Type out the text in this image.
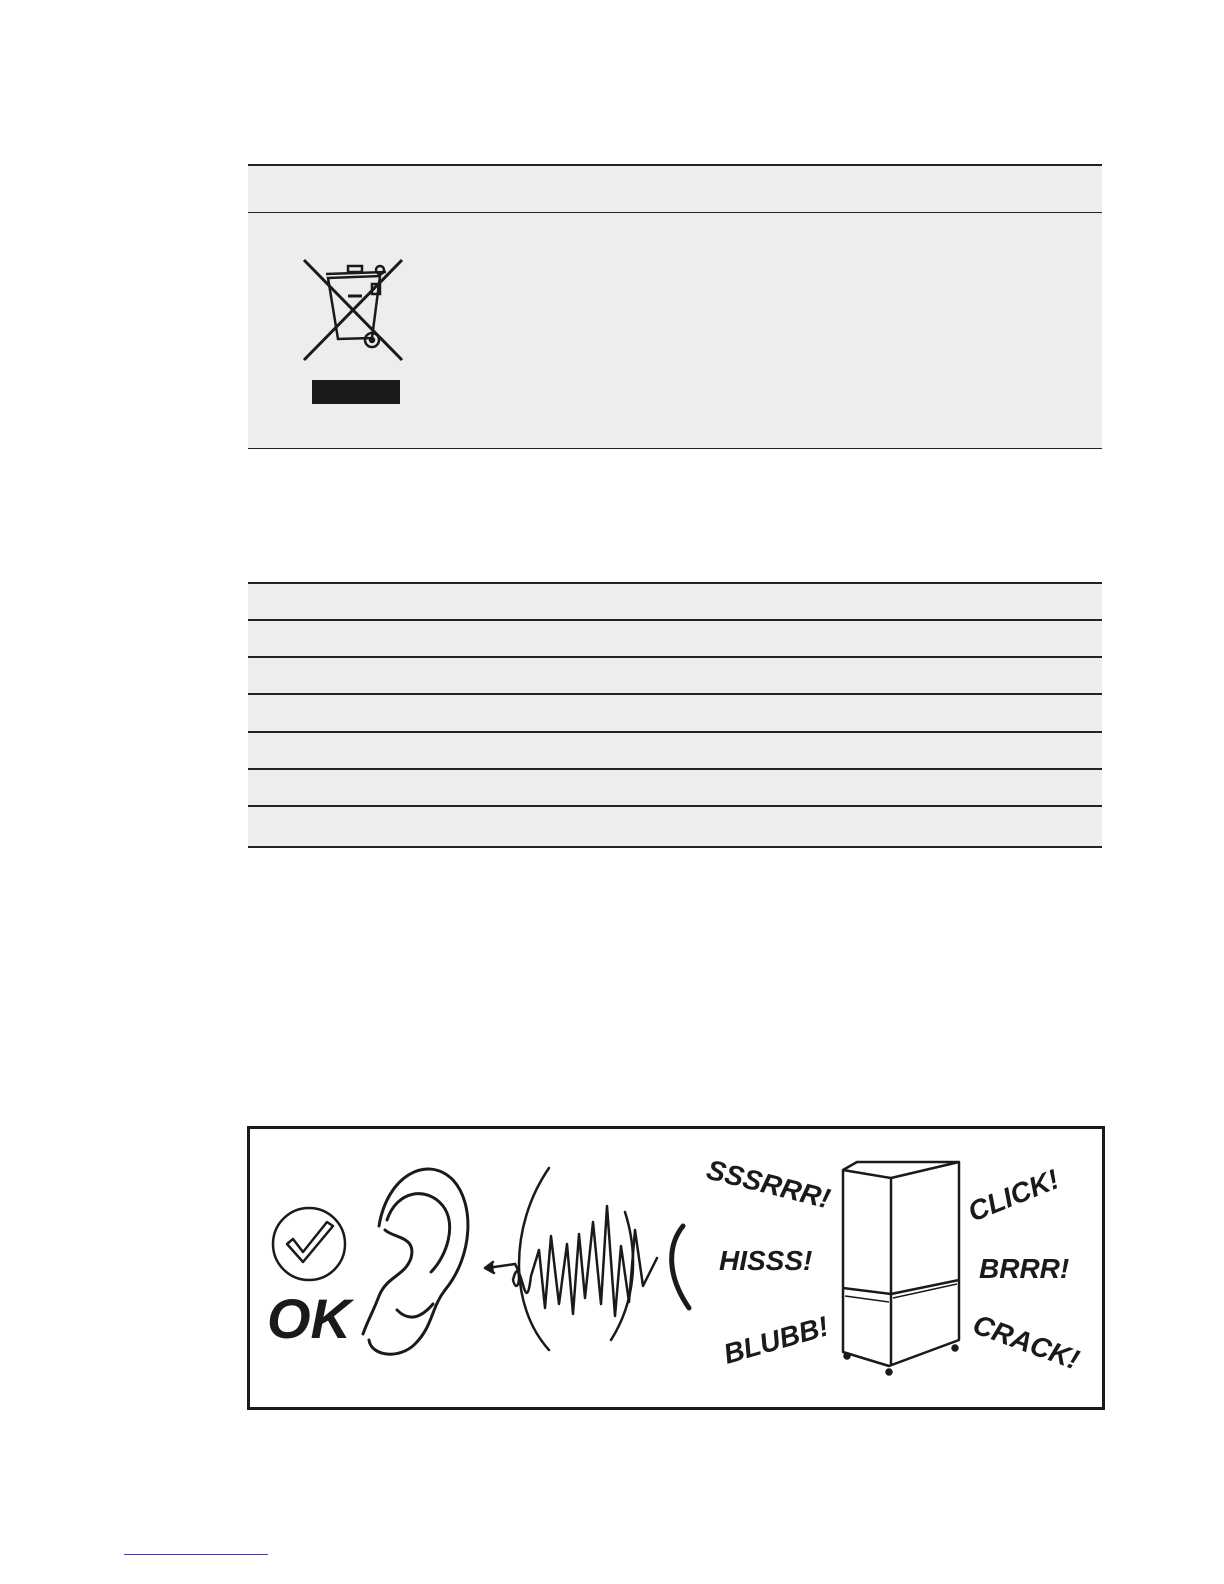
OK
SSSRRR!
HISSS!
BLUBB!
CLICK!
BRRR!
CRACK!
